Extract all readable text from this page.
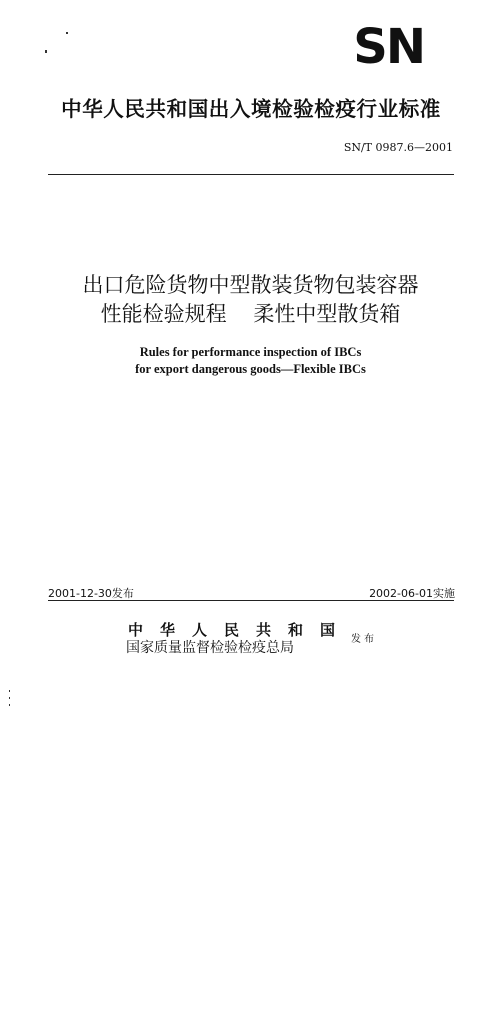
SN
中华人民共和国出入境检验检疫行业标准
SN/T 0987.6—2001
出口危险货物中型散装货物包装容器
性能检验规程    柔性中型散货箱
Rules for performance inspection of IBCs
for export dangerous goods—Flexible IBCs
2001-12-30发布	2002-06-01实施
中华人民共和国
国家质量监督检验检疫总局
发布
